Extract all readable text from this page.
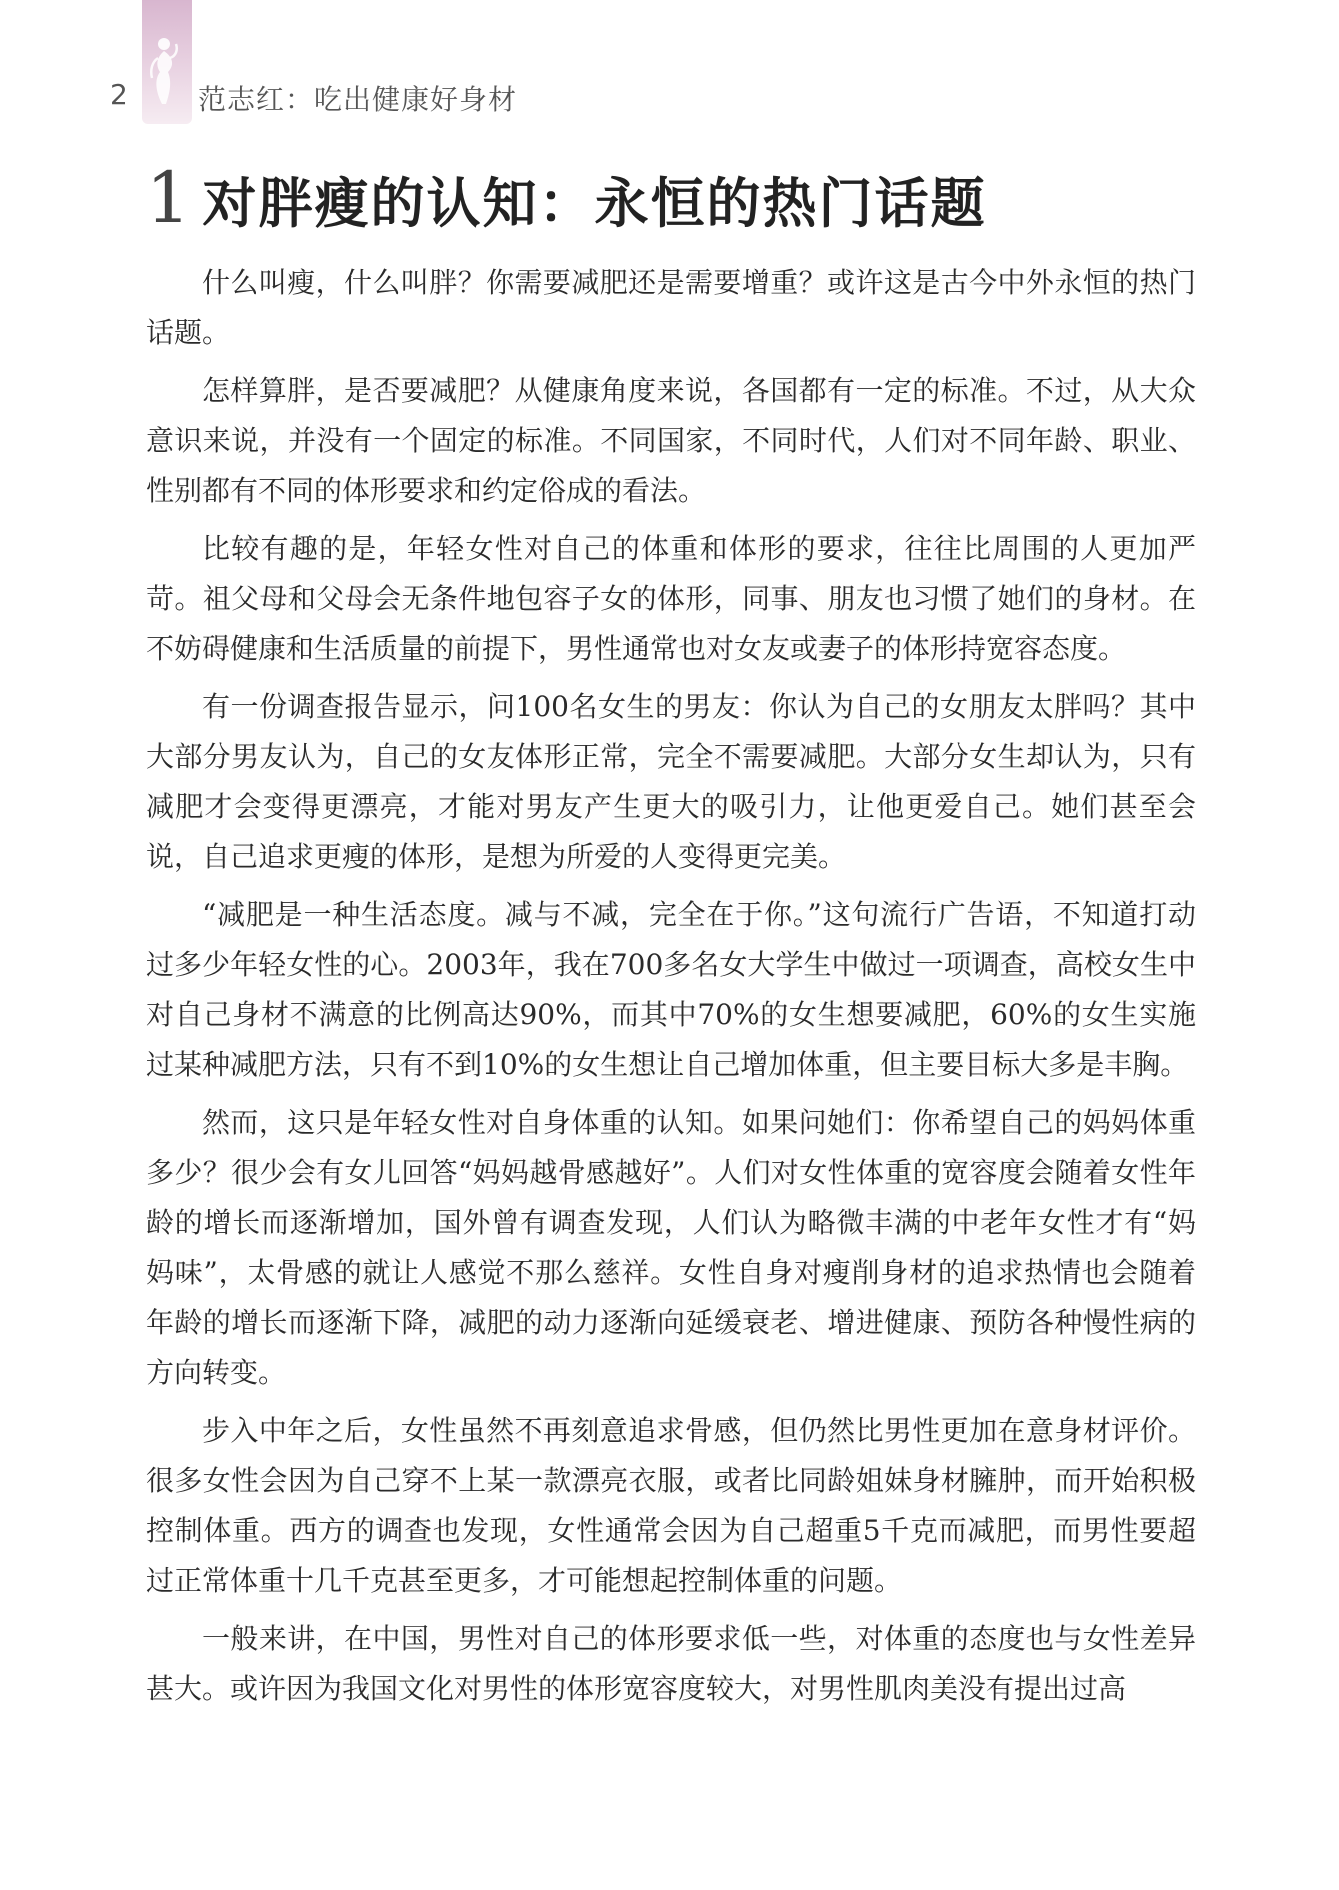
2	范志红：吃出健康好身材
1 对胖瘦的认知：永恒的热门话题

什么叫瘦，什么叫胖？你需要减肥还是需要增重？或许这是古今中外永恒的热门话题。

怎样算胖，是否要减肥？从健康角度来说，各国都有一定的标准。不过，从大众意识来说，并没有一个固定的标准。不同国家，不同时代，人们对不同年龄、职业、性别都有不同的体形要求和约定俗成的看法。

比较有趣的是，年轻女性对自己的体重和体形的要求，往往比周围的人更加严苛。祖父母和父母会无条件地包容子女的体形，同事、朋友也习惯了她们的身材。在不妨碍健康和生活质量的前提下，男性通常也对女友或妻子的体形持宽容态度。

有一份调查报告显示，问100名女生的男友：你认为自己的女朋友太胖吗？其中大部分男友认为，自己的女友体形正常，完全不需要减肥。大部分女生却认为，只有减肥才会变得更漂亮，才能对男友产生更大的吸引力，让他更爱自己。她们甚至会说，自己追求更瘦的体形，是想为所爱的人变得更完美。

“减肥是一种生活态度。减与不减，完全在于你。”这句流行广告语，不知道打动过多少年轻女性的心。2003年，我在700多名女大学生中做过一项调查，高校女生中对自己身材不满意的比例高达90%，而其中70%的女生想要减肥，60%的女生实施过某种减肥方法，只有不到10%的女生想让自己增加体重，但主要目标大多是丰胸。

然而，这只是年轻女性对自身体重的认知。如果问她们：你希望自己的妈妈体重多少？很少会有女儿回答“妈妈越骨感越好”。人们对女性体重的宽容度会随着女性年龄的增长而逐渐增加，国外曾有调查发现，人们认为略微丰满的中老年女性才有“妈妈味”，太骨感的就让人感觉不那么慈祥。女性自身对瘦削身材的追求热情也会随着年龄的增长而逐渐下降，减肥的动力逐渐向延缓衰老、增进健康、预防各种慢性病的方向转变。

步入中年之后，女性虽然不再刻意追求骨感，但仍然比男性更加在意身材评价。很多女性会因为自己穿不上某一款漂亮衣服，或者比同龄姐妹身材臃肿，而开始积极控制体重。西方的调查也发现，女性通常会因为自己超重5千克而减肥，而男性要超过正常体重十几千克甚至更多，才可能想起控制体重的问题。

一般来讲，在中国，男性对自己的体形要求低一些，对体重的态度也与女性差异甚大。或许因为我国文化对男性的体形宽容度较大，对男性肌肉美没有提出过高
